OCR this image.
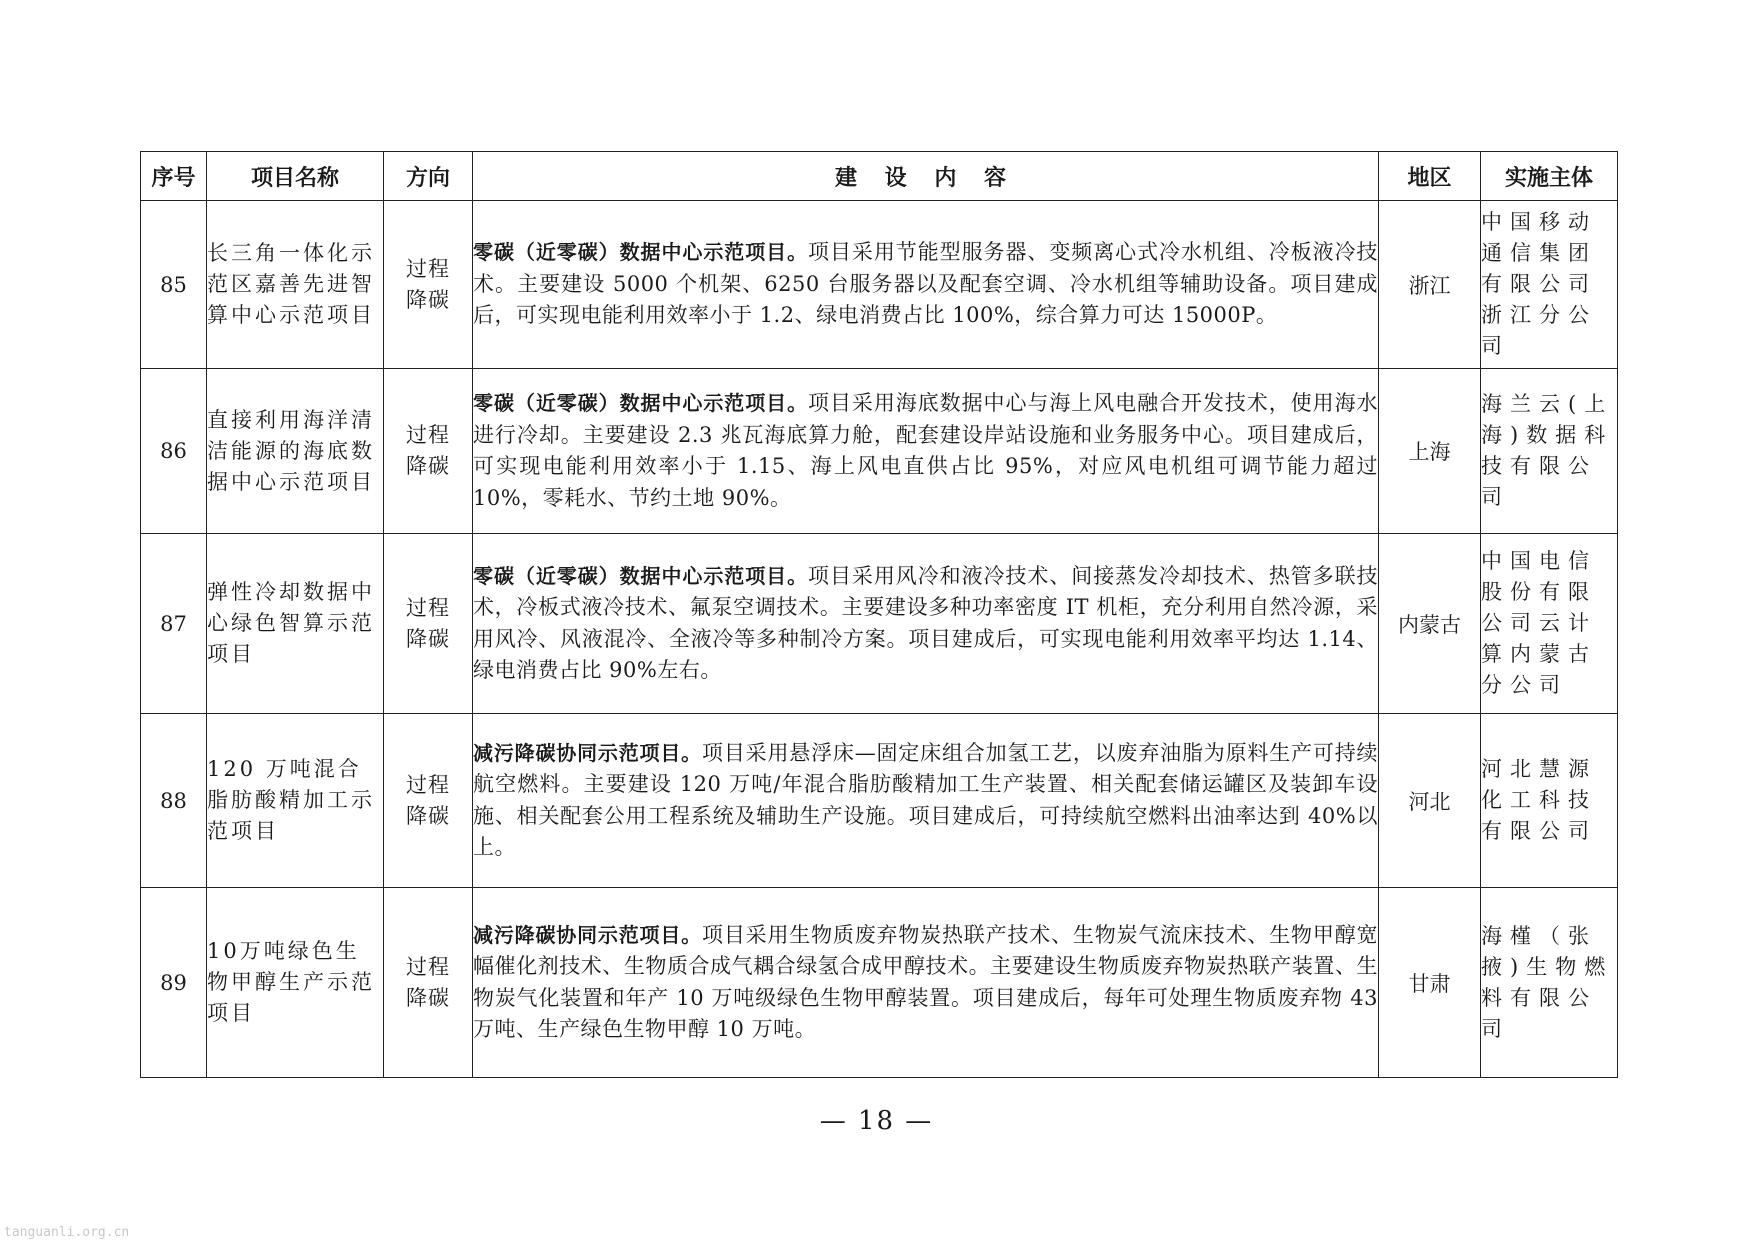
序号	项目名称	方向	建 设 内 容	地区	实施主体
85	长三角一体化示范区嘉善先进智算中心示范项目	过程降碳	零碳（近零碳）数据中心示范项目。项目采用节能型服务器、变频离心式冷水机组、冷板液冷技术。主要建设 5000 个机架、6250 台服务器以及配套空调、冷水机组等辅助设备。项目建成后，可实现电能利用效率小于 1.2、绿电消费占比 100%，综合算力可达 15000P。	浙江	中国移动通信集团有限公司浙江分公司
86	直接利用海洋清洁能源的海底数据中心示范项目	过程降碳	零碳（近零碳）数据中心示范项目。项目采用海底数据中心与海上风电融合开发技术，使用海水进行冷却。主要建设 2.3 兆瓦海底算力舱，配套建设岸站设施和业务服务中心。项目建成后，可实现电能利用效率小于 1.15、海上风电直供占比 95%，对应风电机组可调节能力超过 10%，零耗水、节约土地 90%。	上海	海兰云(上海)数据科技有限公司
87	弹性冷却数据中心绿色智算示范项目	过程降碳	零碳（近零碳）数据中心示范项目。项目采用风冷和液冷技术、间接蒸发冷却技术、热管多联技术，冷板式液冷技术、氟泵空调技术。主要建设多种功率密度 IT 机柜，充分利用自然冷源，采用风冷、风液混冷、全液冷等多种制冷方案。项目建成后，可实现电能利用效率平均达 1.14、绿电消费占比 90%左右。	内蒙古	中国电信股份有限公司云计算内蒙古分公司
88	120 万吨混合脂肪酸精加工示范项目	过程降碳	减污降碳协同示范项目。项目采用悬浮床—固定床组合加氢工艺，以废弃油脂为原料生产可持续航空燃料。主要建设 120 万吨/年混合脂肪酸精加工生产装置、相关配套储运罐区及装卸车设施、相关配套公用工程系统及辅助生产设施。项目建成后，可持续航空燃料出油率达到 40%以上。	河北	河北慧源化工科技有限公司
89	10万吨绿色生物甲醇生产示范项目	过程降碳	减污降碳协同示范项目。项目采用生物质废弃物炭热联产技术、生物炭气流床技术、生物甲醇宽幅催化剂技术、生物质合成气耦合绿氢合成甲醇技术。主要建设生物质废弃物炭热联产装置、生物炭气化装置和年产 10 万吨级绿色生物甲醇装置。项目建成后，每年可处理生物质废弃物 43 万吨、生产绿色生物甲醇 10 万吨。	甘肃	海槿（张掖)生物燃料有限公司
— 18 —
tanguanli.org.cn
